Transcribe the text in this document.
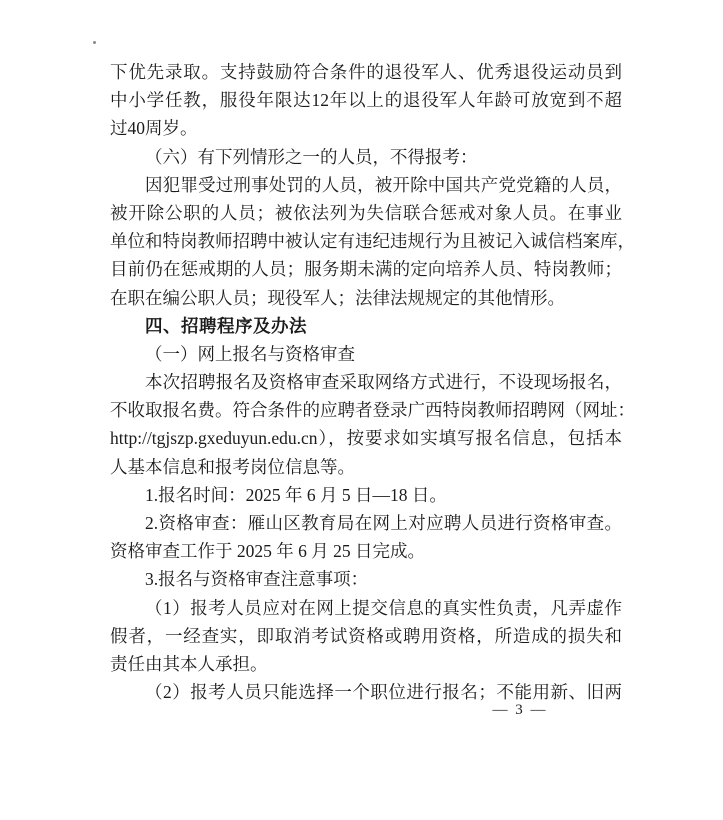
下优先录取。支持鼓励符合条件的退役军人、优秀退役运动员到
中小学任教，服役年限达12年以上的退役军人年龄可放宽到不超
过40周岁。
（六）有下列情形之一的人员，不得报考：
因犯罪受过刑事处罚的人员，被开除中国共产党党籍的人员，
被开除公职的人员；被依法列为失信联合惩戒对象人员。在事业
单位和特岗教师招聘中被认定有违纪违规行为且被记入诚信档案库，
目前仍在惩戒期的人员；服务期未满的定向培养人员、特岗教师；
在职在编公职人员；现役军人；法律法规规定的其他情形。
四、招聘程序及办法
（一）网上报名与资格审查
本次招聘报名及资格审查采取网络方式进行，不设现场报名，
不收取报名费。符合条件的应聘者登录广西特岗教师招聘网（网址：
http://tgjszp.gxeduyun.edu.cn），按要求如实填写报名信息，包括本
人基本信息和报考岗位信息等。
1.报名时间：2025 年 6 月 5 日—18 日。
2.资格审查：雁山区教育局在网上对应聘人员进行资格审查。
资格审查工作于 2025 年 6 月 25 日完成。
3.报名与资格审查注意事项：
（1）报考人员应对在网上提交信息的真实性负责，凡弄虚作
假者，一经查实，即取消考试资格或聘用资格，所造成的损失和
责任由其本人承担。
（2）报考人员只能选择一个职位进行报名；不能用新、旧两
— 3 —
